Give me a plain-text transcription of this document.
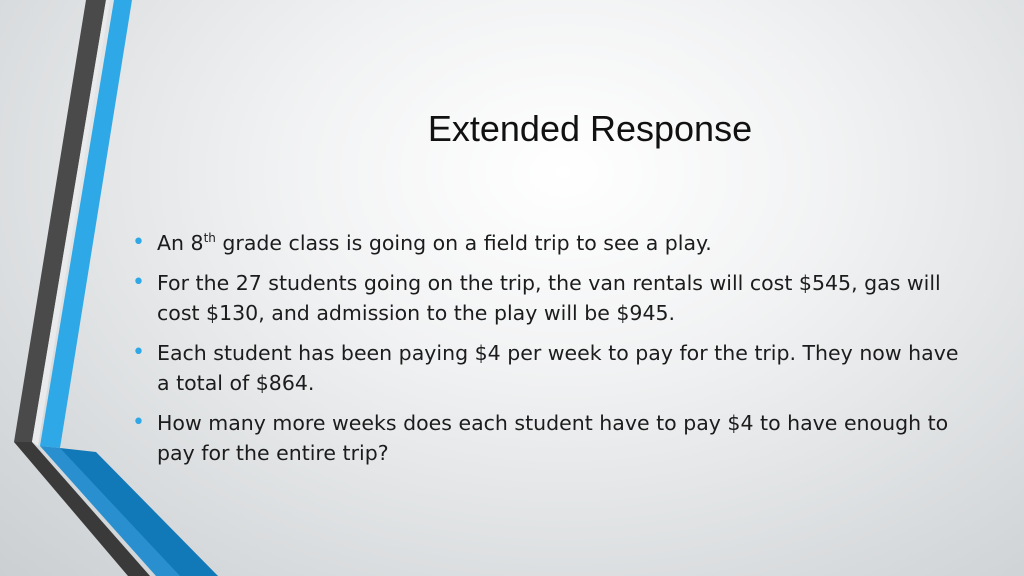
Extended Response
• An 8th grade class is going on a field trip to see a play.
• For the 27 students going on the trip, the van rentals will cost $545, gas will cost $130, and admission to the play will be $945.
• Each student has been paying $4 per week to pay for the trip. They now have a total of $864.
• How many more weeks does each student have to pay $4 to have enough to pay for the entire trip?
